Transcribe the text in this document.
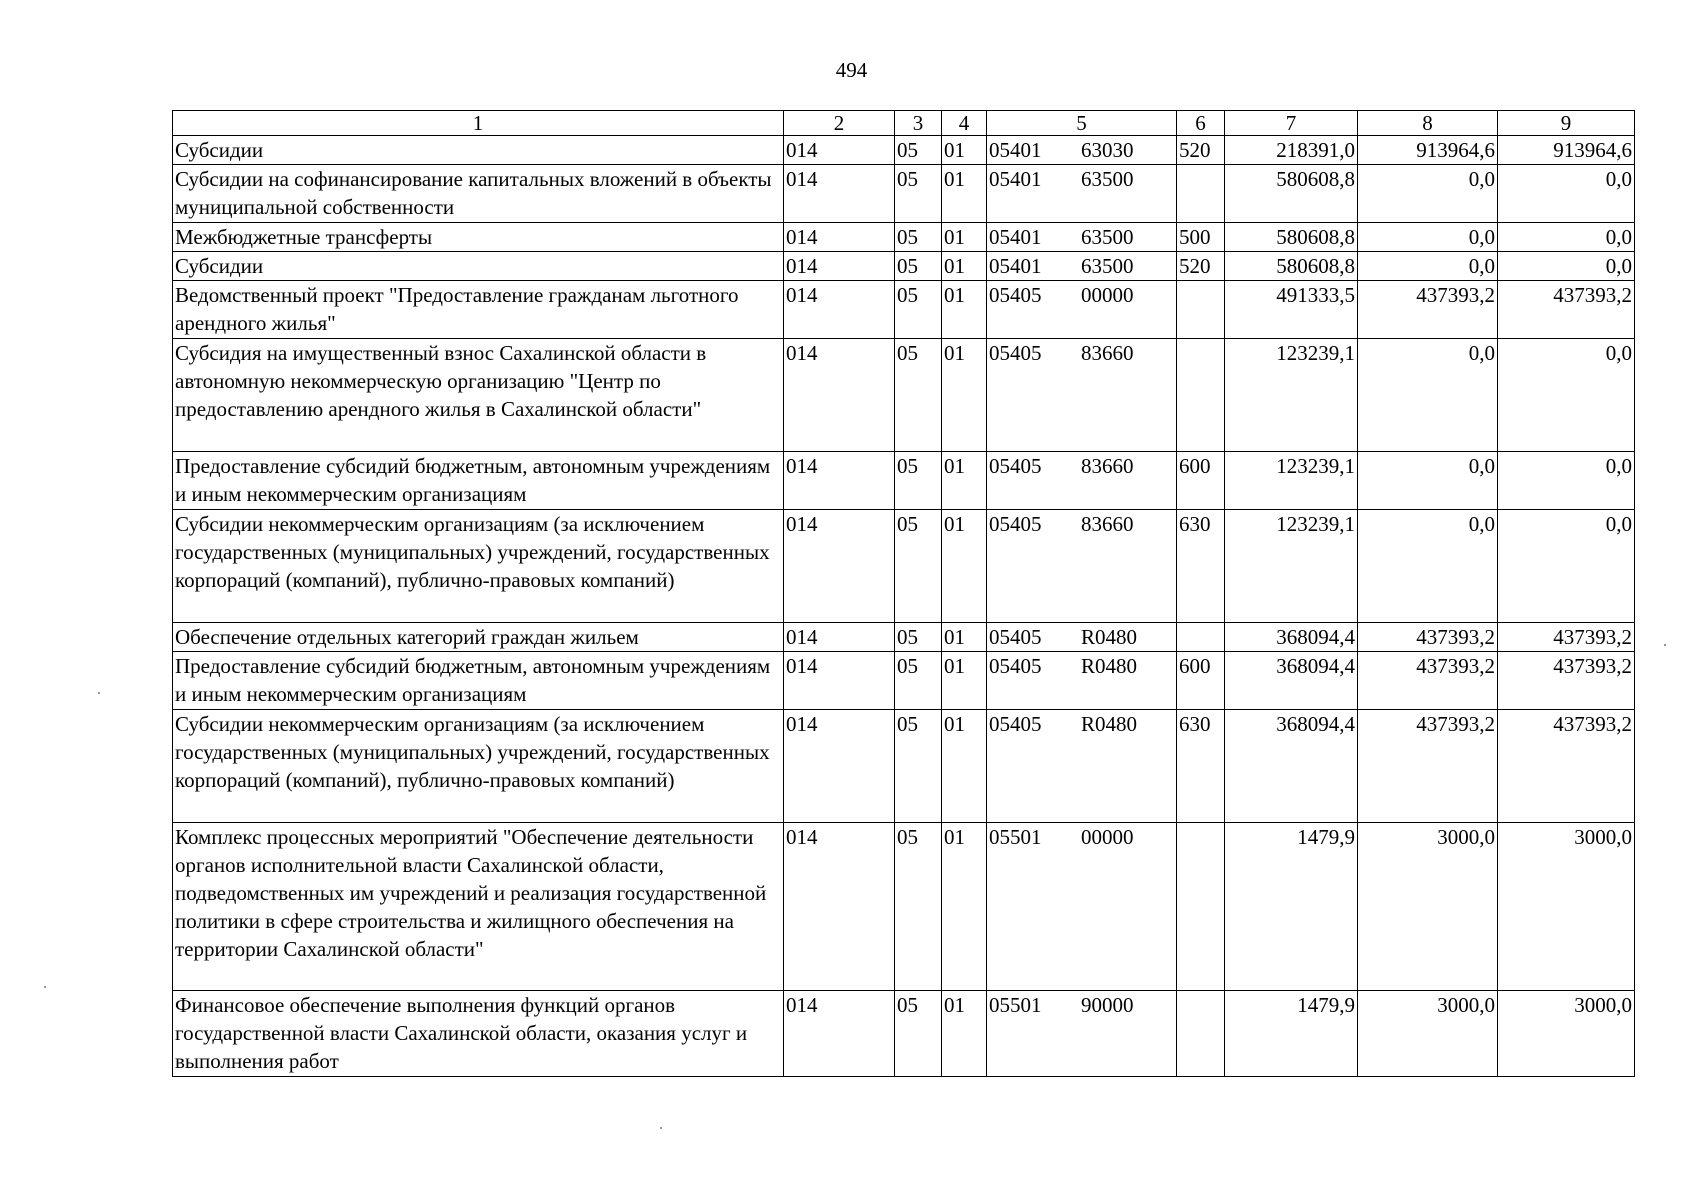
494
1	2	3	4	5	6	7	8	9
Субсидии	014	05	01	05401 63030	520	218391,0	913964,6	913964,6
Субсидии на софинансирование капитальных вложений в объекты муниципальной собственности	014	05	01	05401 63500		580608,8	0,0	0,0
Межбюджетные трансферты	014	05	01	05401 63500	500	580608,8	0,0	0,0
Субсидии	014	05	01	05401 63500	520	580608,8	0,0	0,0
Ведомственный проект "Предоставление гражданам льготного арендного жилья"	014	05	01	05405 00000		491333,5	437393,2	437393,2
Субсидия на имущественный взнос Сахалинской области в автономную некоммерческую организацию "Центр по предоставлению арендного жилья в Сахалинской области"	014	05	01	05405 83660		123239,1	0,0	0,0
Предоставление субсидий бюджетным, автономным учреждениям и иным некоммерческим организациям	014	05	01	05405 83660	600	123239,1	0,0	0,0
Субсидии некоммерческим организациям (за исключением государственных (муниципальных) учреждений, государственных корпораций (компаний), публично-правовых компаний)	014	05	01	05405 83660	630	123239,1	0,0	0,0
Обеспечение отдельных категорий граждан жильем	014	05	01	05405 R0480		368094,4	437393,2	437393,2
Предоставление субсидий бюджетным, автономным учреждениям и иным некоммерческим организациям	014	05	01	05405 R0480	600	368094,4	437393,2	437393,2
Субсидии некоммерческим организациям (за исключением государственных (муниципальных) учреждений, государственных корпораций (компаний), публично-правовых компаний)	014	05	01	05405 R0480	630	368094,4	437393,2	437393,2
Комплекс процессных мероприятий "Обеспечение деятельности органов исполнительной власти Сахалинской области, подведомственных им учреждений и реализация государственной политики в сфере строительства и жилищного обеспечения на территории Сахалинской области"	014	05	01	05501 00000		1479,9	3000,0	3000,0
Финансовое обеспечение выполнения функций органов государственной власти Сахалинской области, оказания услуг и выполнения работ	014	05	01	05501 90000		1479,9	3000,0	3000,0
